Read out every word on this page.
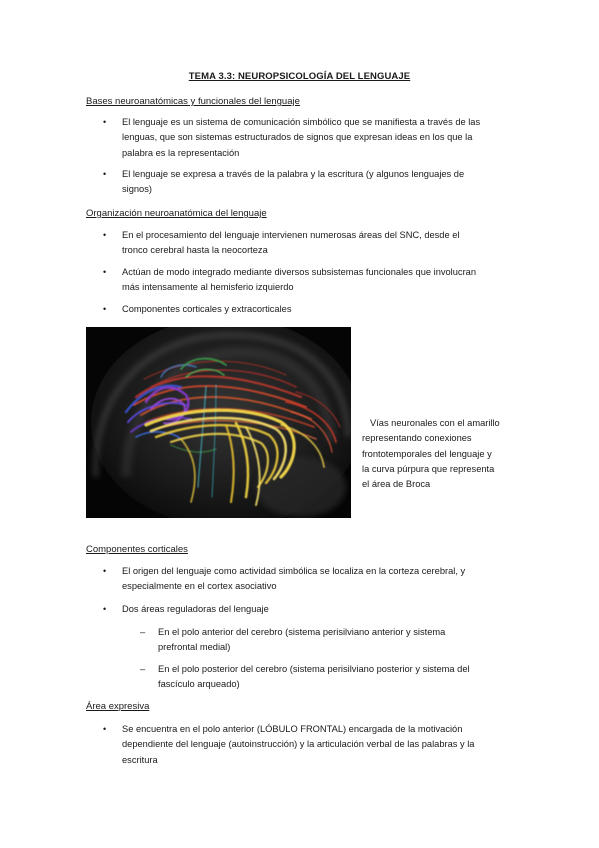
TEMA 3.3: NEUROPSICOLOGÍA DEL LENGUAJE
Bases neuroanatómicas y funcionales del lenguaje
• El lenguaje es un sistema de comunicación simbólico que se manifiesta a través de las
lenguas, que son sistemas estructurados de signos que expresan ideas en los que la
palabra es la representación
• El lenguaje se expresa a través de la palabra y la escritura (y algunos lenguajes de
signos)
Organización neuroanatómica del lenguaje
• En el procesamiento del lenguaje intervienen numerosas áreas del SNC, desde el
tronco cerebral hasta la neocorteza
• Actúan de modo integrado mediante diversos subsistemas funcionales que involucran
más intensamente al hemisferio izquierdo
• Componentes corticales y extracorticales
Vías neuronales con el amarillo
representando conexiones
frontotemporales del lenguaje y
la curva púrpura que representa
el área de Broca
Componentes corticales
• El origen del lenguaje como actividad simbólica se localiza en la corteza cerebral, y
especialmente en el cortex asociativo
• Dos áreas reguladoras del lenguaje
– En el polo anterior del cerebro (sistema perisilviano anterior y sistema
prefrontal medial)
– En el polo posterior del cerebro (sistema perisilviano posterior y sistema del
fascículo arqueado)
Área expresiva
• Se encuentra en el polo anterior (LÓBULO FRONTAL) encargada de la motivación
dependiente del lenguaje (autoinstrucción) y la articulación verbal de las palabras y la
escritura
